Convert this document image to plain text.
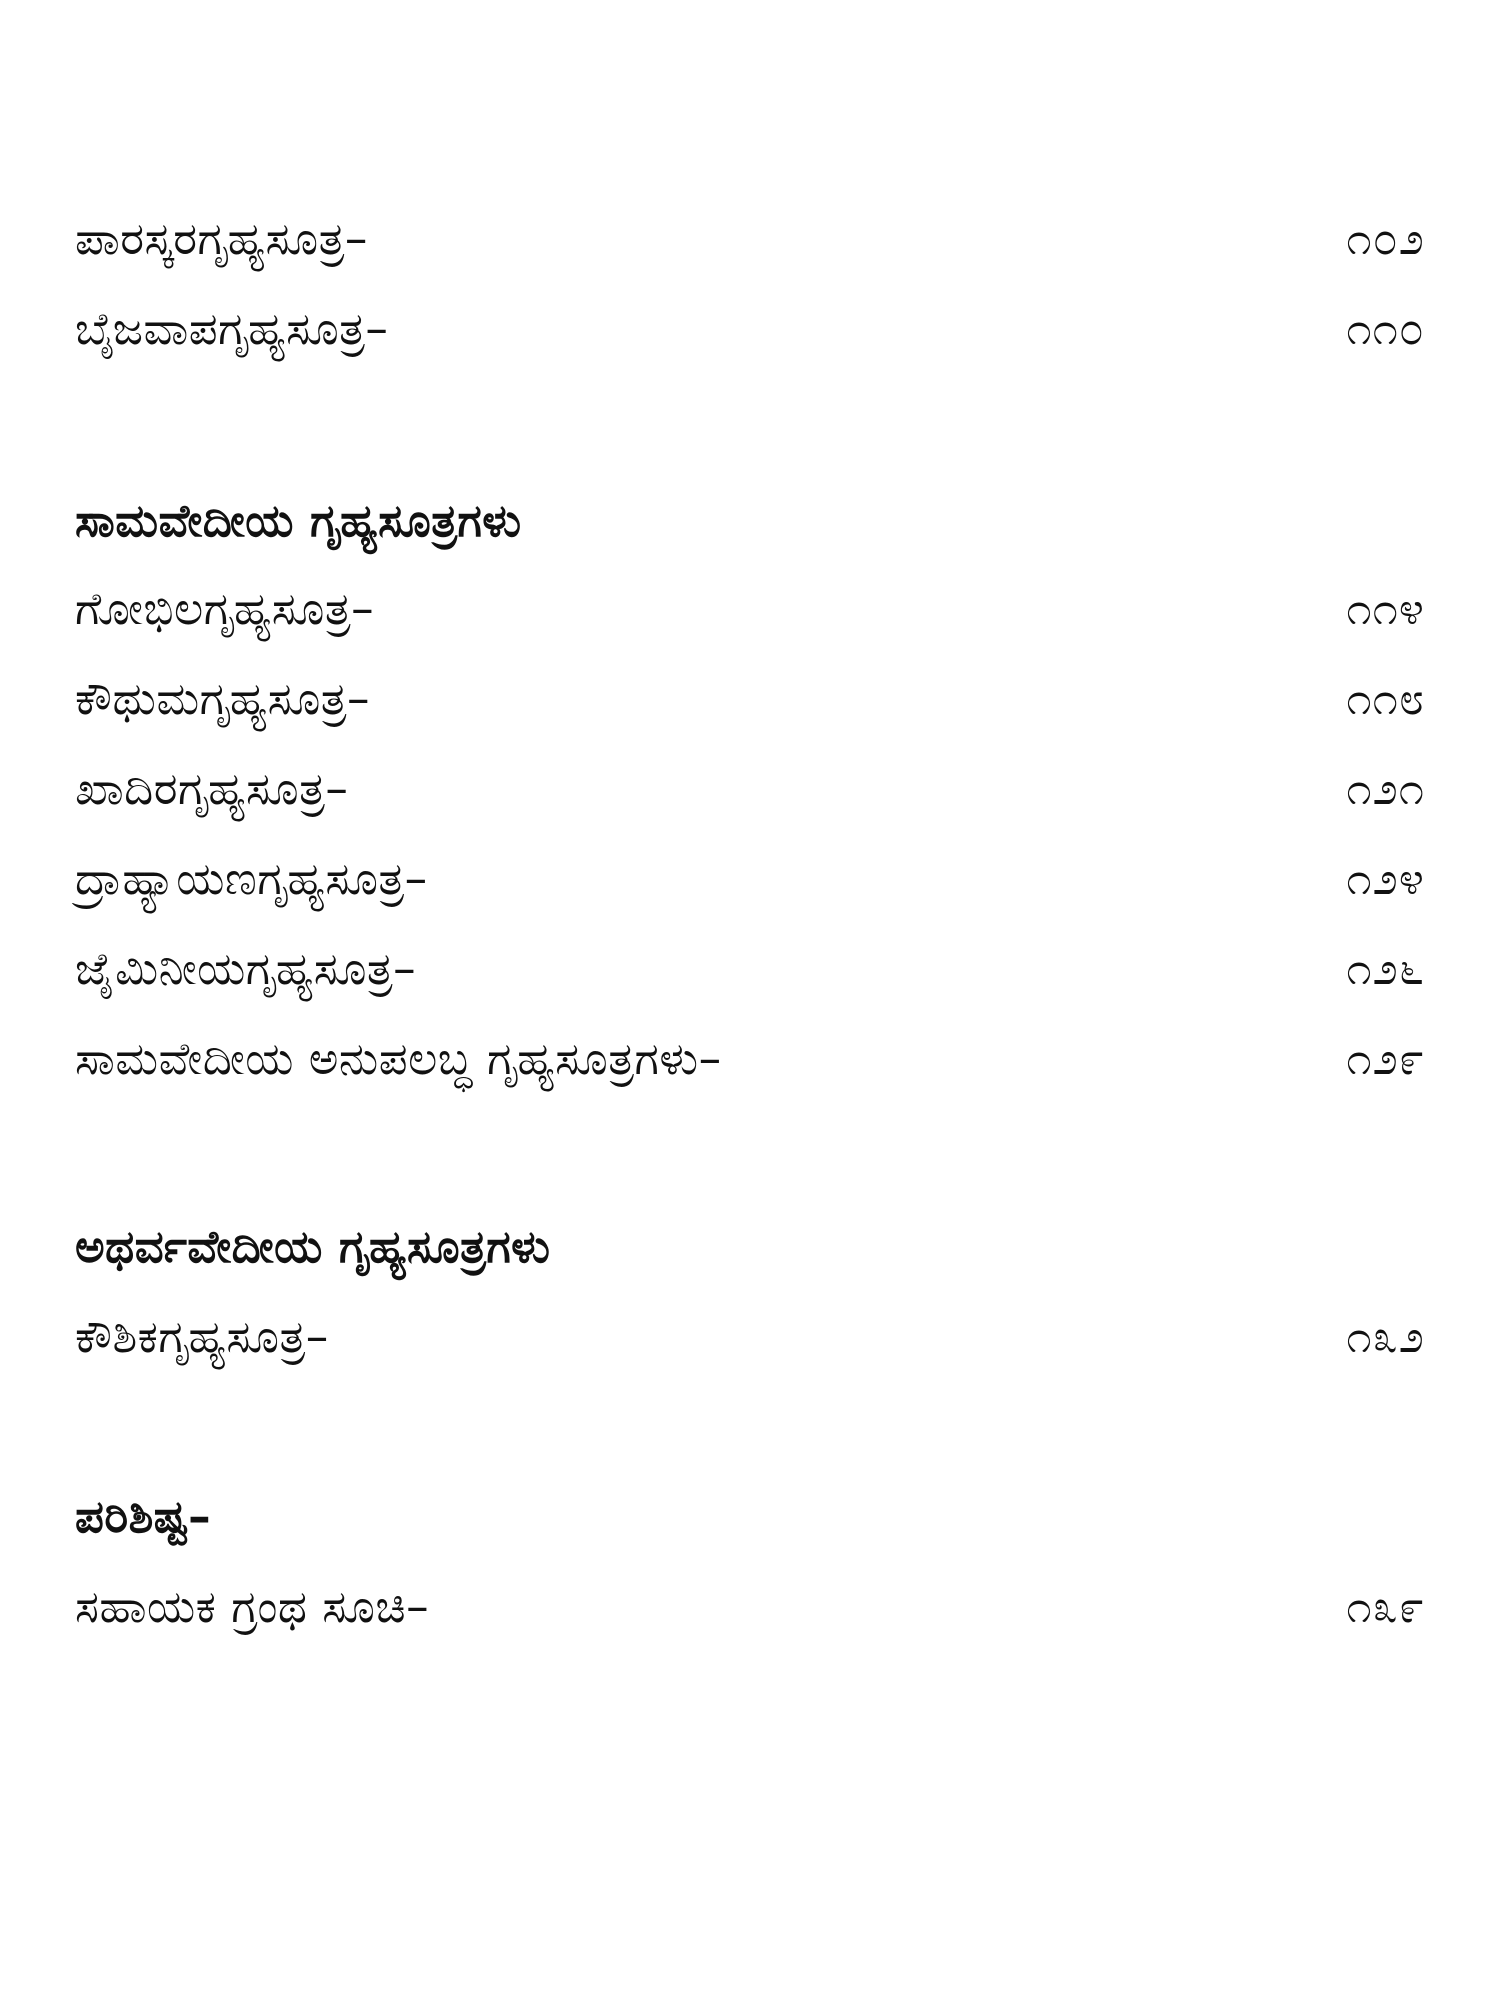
ಪಾರಸ್ಕರಗೃಹ್ಯಸೂತ್ರ–	೧೦೨
ಬೈಜವಾಪಗೃಹ್ಯಸೂತ್ರ–	೧೧೦
ಸಾಮವೇದೀಯ ಗೃಹ್ಯಸೂತ್ರಗಳು
ಗೋಭಿಲಗೃಹ್ಯಸೂತ್ರ–	೧೧೪
ಕೌಥುಮಗೃಹ್ಯಸೂತ್ರ–	೧೧೮
ಖಾದಿರಗೃಹ್ಯಸೂತ್ರ–	೧೨೧
ದ್ರಾಹ್ಯಾಯಣಗೃಹ್ಯಸೂತ್ರ–	೧೨೪
ಜೈಮಿನೀಯಗೃಹ್ಯಸೂತ್ರ–	೧೨೬
ಸಾಮವೇದೀಯ ಅನುಪಲಬ್ಧ ಗೃಹ್ಯಸೂತ್ರಗಳು–	೧೨೯
ಅಥರ್ವವೇದೀಯ ಗೃಹ್ಯಸೂತ್ರಗಳು
ಕೌಶಿಕಗೃಹ್ಯಸೂತ್ರ–	೧೩೨
ಪರಿಶಿಷ್ಟ–
ಸಹಾಯಕ ಗ್ರಂಥ ಸೂಚಿ–	೧೩೯
